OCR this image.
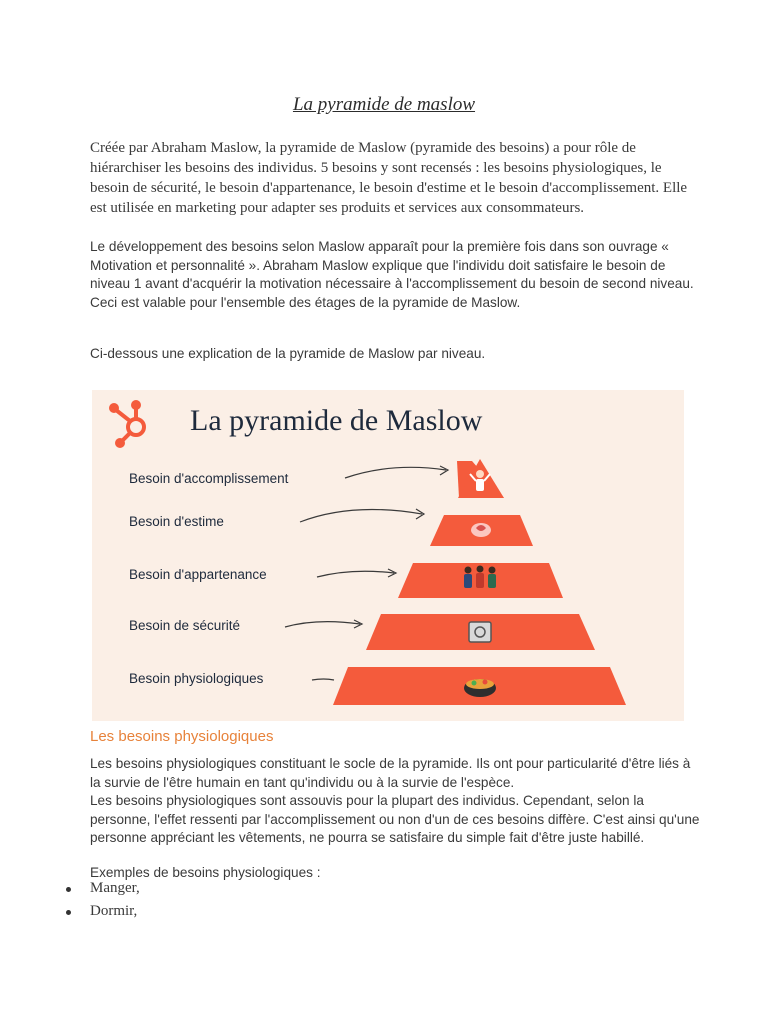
La pyramide de maslow

Créée par Abraham Maslow, la pyramide de Maslow (pyramide des besoins) a pour rôle de hiérarchiser les besoins des individus. 5 besoins y sont recensés : les besoins physiologiques, le besoin de sécurité, le besoin d'appartenance, le besoin d'estime et le besoin d'accomplissement. Elle est utilisée en marketing pour adapter ses produits et services aux consommateurs.

Le développement des besoins selon Maslow apparaît pour la première fois dans son ouvrage « Motivation et personnalité ». Abraham Maslow explique que l'individu doit satisfaire le besoin de niveau 1 avant d'acquérir la motivation nécessaire à l'accomplissement du besoin de second niveau. Ceci est valable pour l'ensemble des étages de la pyramide de Maslow.

Ci-dessous une explication de la pyramide de Maslow par niveau.

La pyramide de Maslow
Besoin d'accomplissement
Besoin d'estime
Besoin d'appartenance
Besoin de sécurité
Besoin physiologiques
Les besoins physiologiques

Les besoins physiologiques constituant le socle de la pyramide. Ils ont pour particularité d'être liés à la survie de l'être humain en tant qu'individu ou à la survie de l'espèce.

Les besoins physiologiques sont assouvis pour la plupart des individus. Cependant, selon la personne, l'effet ressenti par l'accomplissement ou non d'un de ces besoins diffère. C'est ainsi qu'une personne appréciant les vêtements, ne pourra se satisfaire du simple fait d'être juste habillé.

Exemples de besoins physiologiques :

Manger,
Dormir,
